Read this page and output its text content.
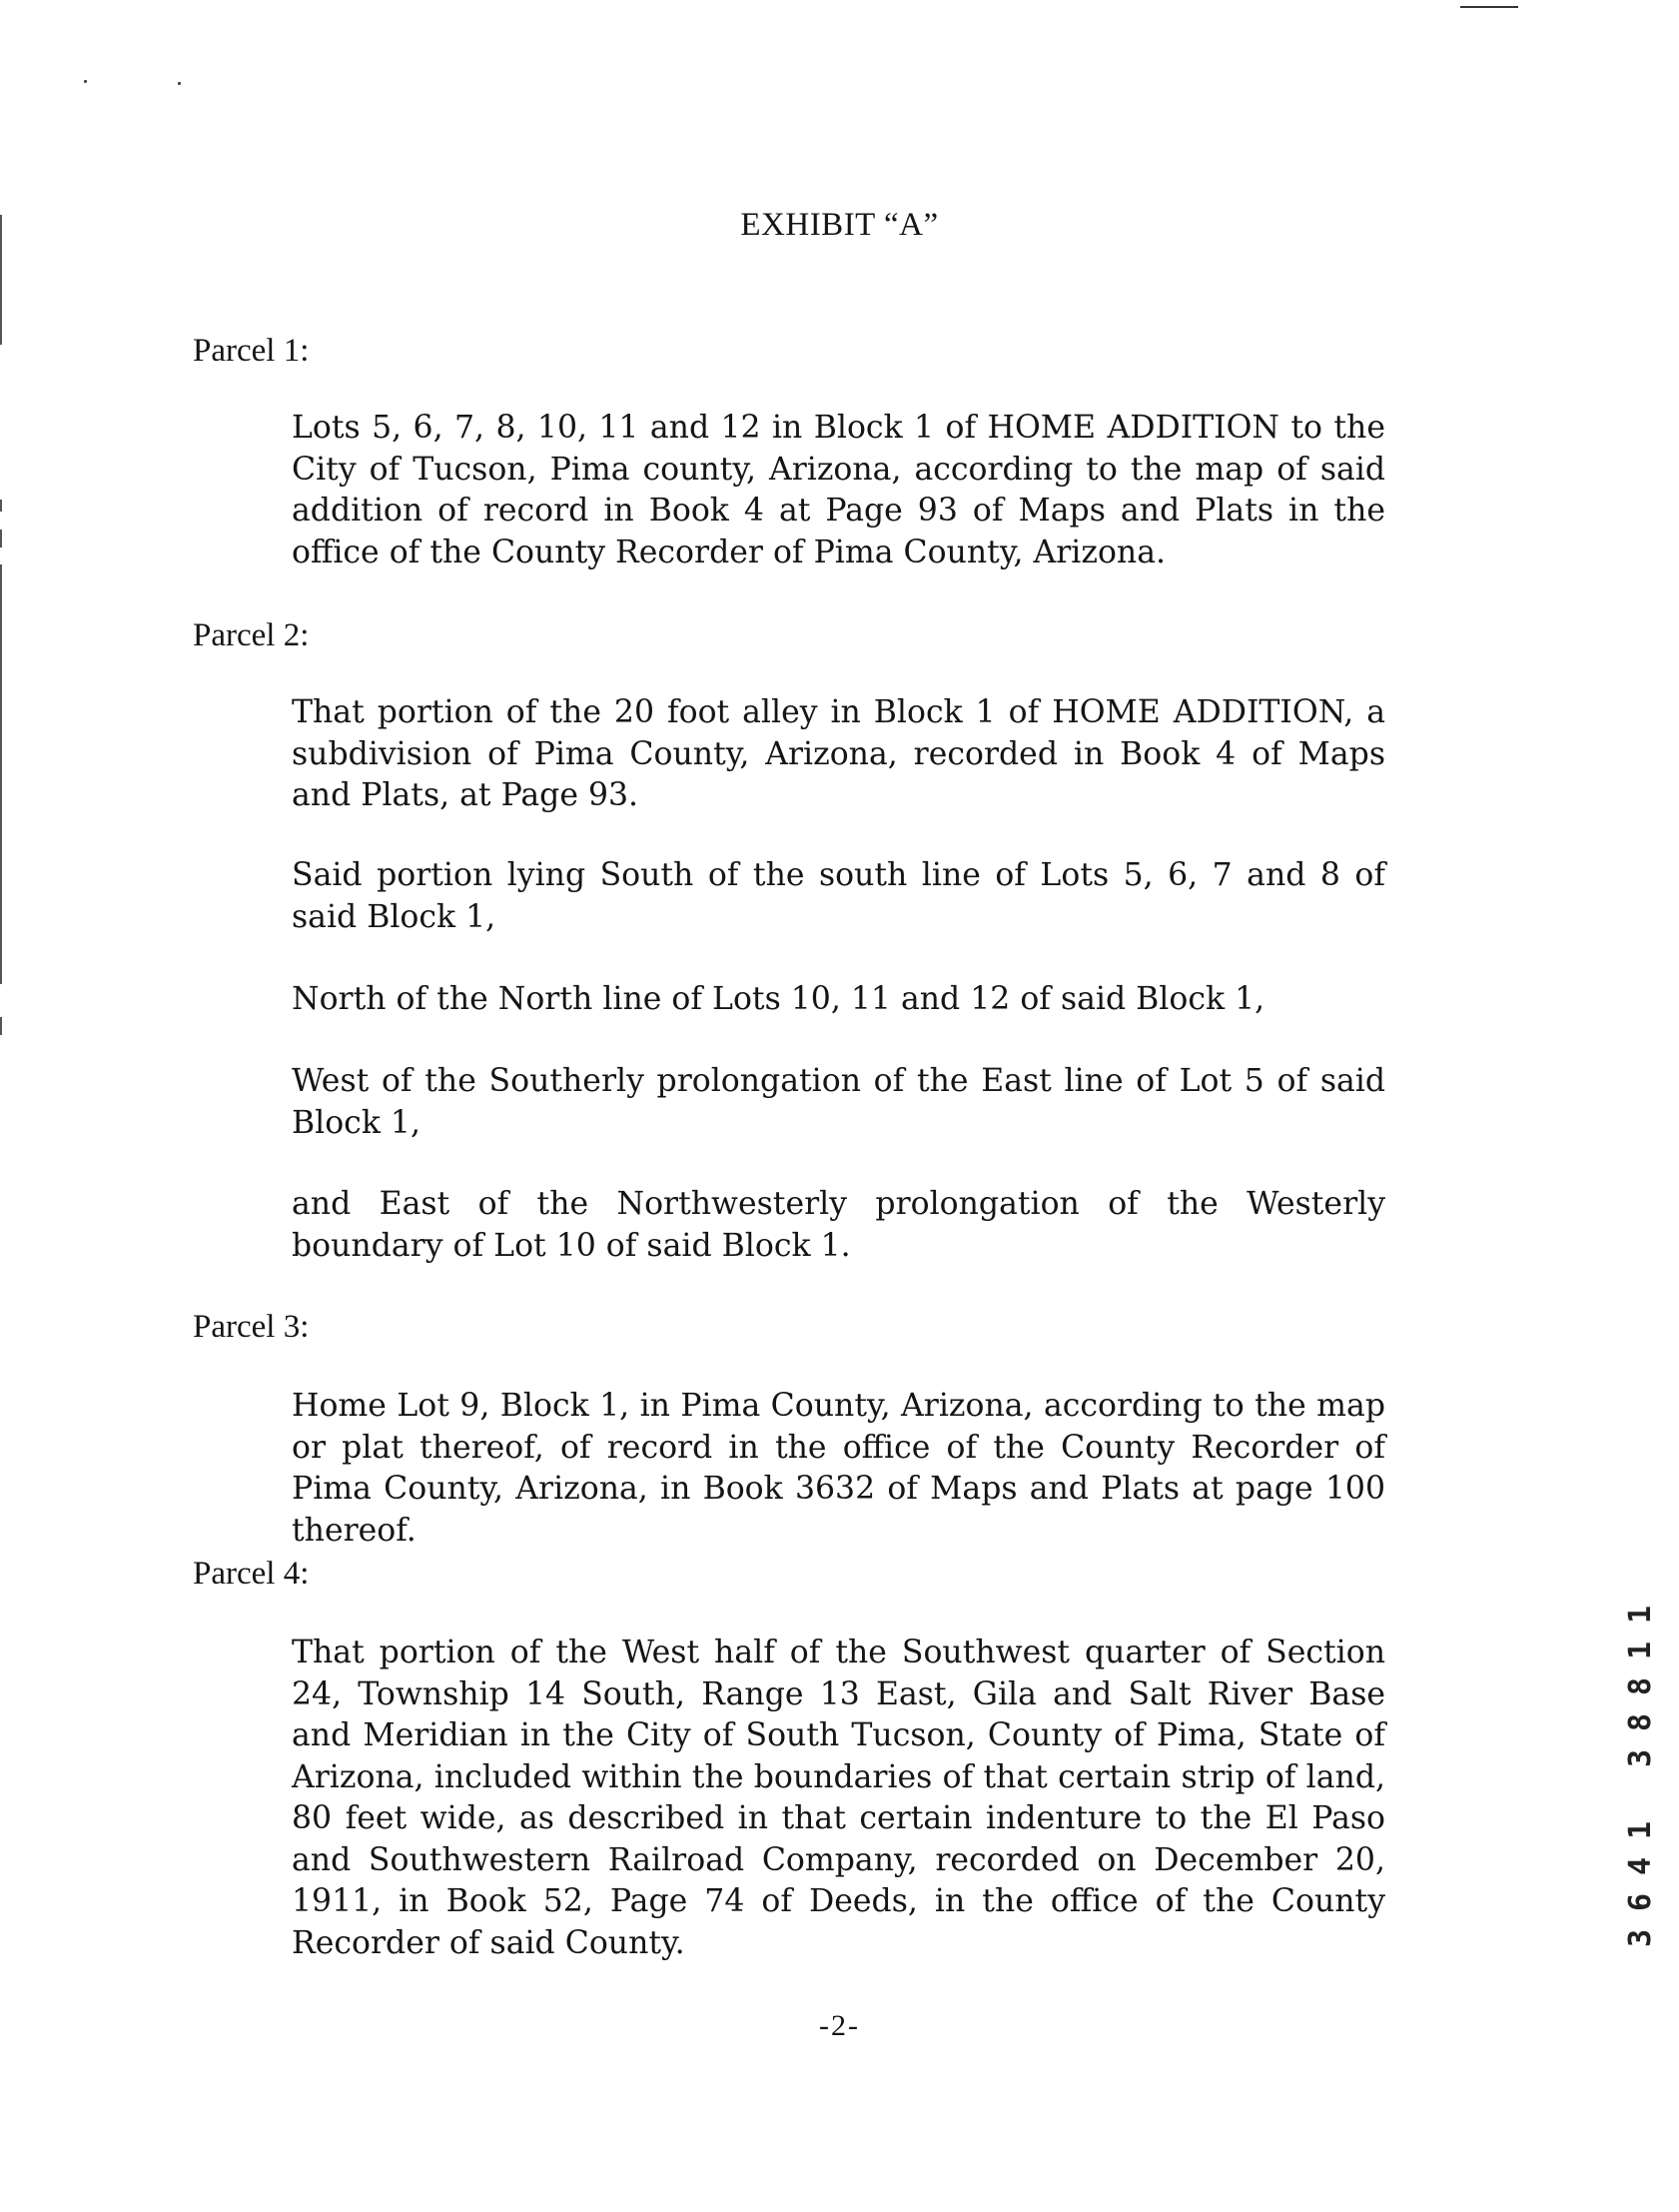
EXHIBIT “A”
Parcel 1:
Lots 5, 6, 7, 8, 10, 11 and 12 in Block 1 of HOME ADDITION to the City of Tucson, Pima county, Arizona, according to the map of said addition of record in Book 4 at Page 93 of Maps and Plats in the office of the County Recorder of Pima County, Arizona.
Parcel 2:
That portion of the 20 foot alley in Block 1 of HOME ADDITION, a subdivision of Pima County, Arizona, recorded in Book 4 of Maps and Plats, at Page 93.
Said portion lying South of the south line of Lots 5, 6, 7 and 8 of said Block 1,
North of the North line of Lots 10, 11 and 12 of said Block 1,
West of the Southerly prolongation of the East line of Lot 5 of said Block 1,
and East of the Northwesterly prolongation of the Westerly boundary of Lot 10 of said Block 1.
Parcel 3:
Home Lot 9, Block 1, in Pima County, Arizona, according to the map or plat thereof, of record in the office of the County Recorder of Pima County, Arizona, in Book 3632 of Maps and Plats at page 100 thereof.
Parcel 4:
That portion of the West half of the Southwest quarter of Section 24, Township 14 South, Range 13 East, Gila and Salt River Base and Meridian in the City of South Tucson, County of Pima, State of Arizona, included within the boundaries of that certain strip of land, 80 feet wide, as described in that certain indenture to the El Paso and Southwestern Railroad Company, recorded on December 20, 1911, in Book 52, Page 74 of Deeds, in the office of the County Recorder of said County.
-2-
1
1
8
8
3

1
4
6
3
